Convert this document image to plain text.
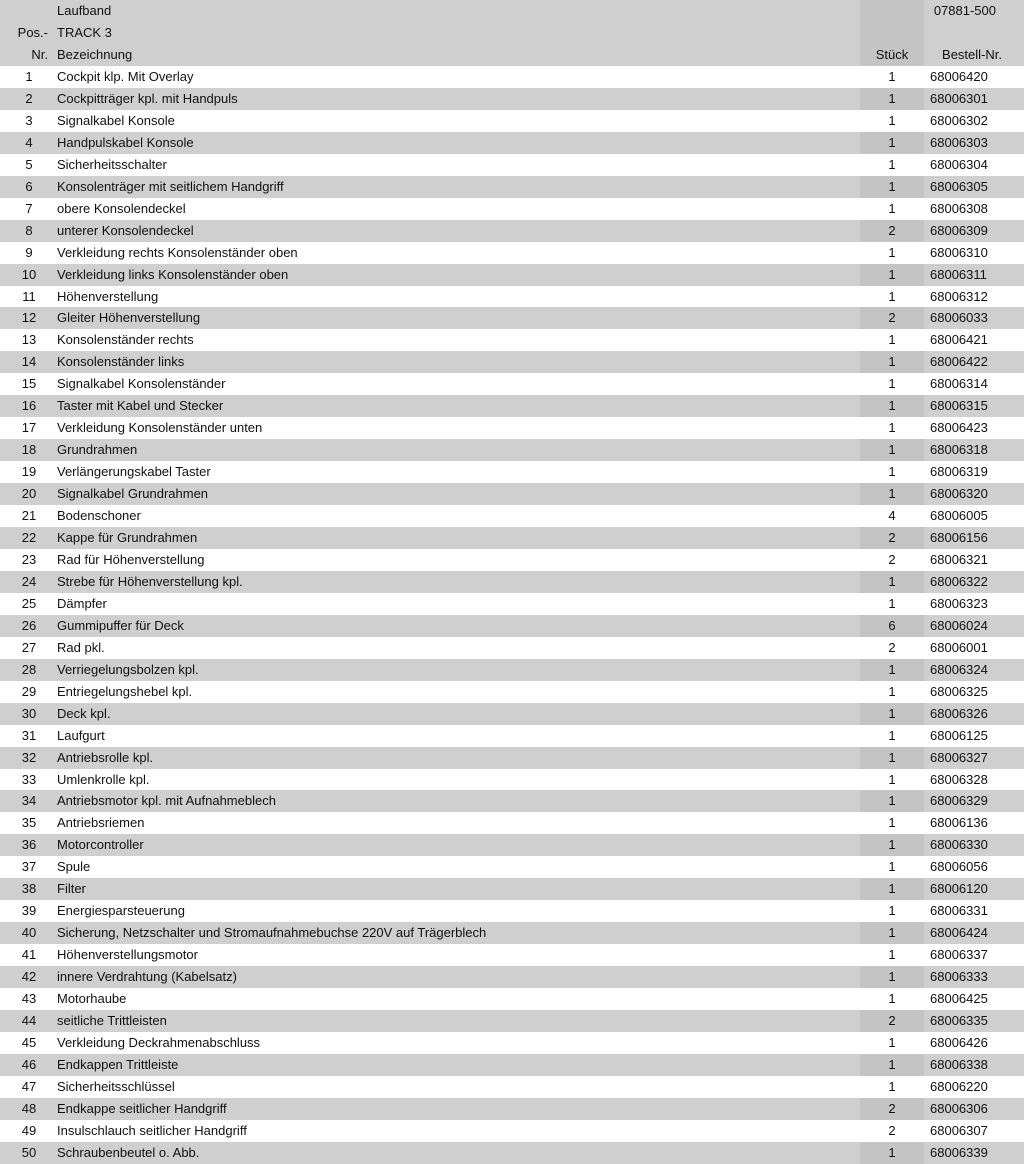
Laufband	07881-500
Pos.- TRACK 3
Nr. Bezeichnung	Stück	Bestell-Nr.
1	Cockpit klp. Mit Overlay	1	68006420
2	Cockpitträger kpl. mit Handpuls	1	68006301
3	Signalkabel Konsole	1	68006302
4	Handpulskabel Konsole	1	68006303
5	Sicherheitsschalter	1	68006304
6	Konsolenträger mit seitlichem Handgriff	1	68006305
7	obere Konsolendeckel	1	68006308
8	unterer Konsolendeckel	2	68006309
9	Verkleidung rechts Konsolenständer oben	1	68006310
10	Verkleidung links Konsolenständer oben	1	68006311
11	Höhenverstellung	1	68006312
12	Gleiter Höhenverstellung	2	68006033
13	Konsolenständer rechts	1	68006421
14	Konsolenständer links	1	68006422
15	Signalkabel Konsolenständer	1	68006314
16	Taster mit Kabel und Stecker	1	68006315
17	Verkleidung Konsolenständer unten	1	68006423
18	Grundrahmen	1	68006318
19	Verlängerungskabel Taster	1	68006319
20	Signalkabel Grundrahmen	1	68006320
21	Bodenschoner	4	68006005
22	Kappe für Grundrahmen	2	68006156
23	Rad für Höhenverstellung	2	68006321
24	Strebe für Höhenverstellung kpl.	1	68006322
25	Dämpfer	1	68006323
26	Gummipuffer für Deck	6	68006024
27	Rad pkl.	2	68006001
28	Verriegelungsbolzen kpl.	1	68006324
29	Entriegelungshebel kpl.	1	68006325
30	Deck kpl.	1	68006326
31	Laufgurt	1	68006125
32	Antriebsrolle kpl.	1	68006327
33	Umlenkrolle kpl.	1	68006328
34	Antriebsmotor kpl. mit Aufnahmeblech	1	68006329
35	Antriebsriemen	1	68006136
36	Motorcontroller	1	68006330
37	Spule	1	68006056
38	Filter	1	68006120
39	Energiesparsteuerung	1	68006331
40	Sicherung, Netzschalter und Stromaufnahmebuchse 220V auf Trägerblech	1	68006424
41	Höhenverstellungsmotor	1	68006337
42	innere Verdrahtung (Kabelsatz)	1	68006333
43	Motorhaube	1	68006425
44	seitliche Trittleisten	2	68006335
45	Verkleidung Deckrahmenabschluss	1	68006426
46	Endkappen Trittleiste	1	68006338
47	Sicherheitsschlüssel	1	68006220
48	Endkappe seitlicher Handgriff	2	68006306
49	Insulschlauch seitlicher Handgriff	2	68006307
50	Schraubenbeutel o. Abb.	1	68006339
